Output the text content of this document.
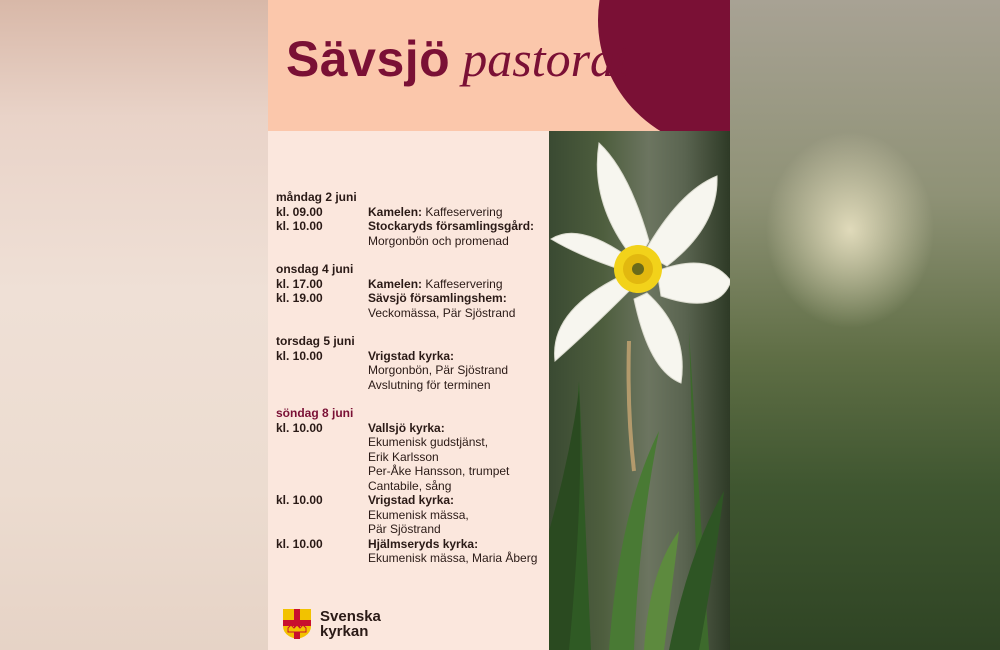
Sävsjö pastorat
måndag 2 juni
kl. 09.00	Kamelen: Kaffeservering
kl. 10.00	Stockaryds församlingsgård:
Morgonbön och promenad
onsdag 4 juni
kl. 17.00	Kamelen: Kaffeservering
kl. 19.00	Sävsjö församlingshem:
Veckomässa, Pär Sjöstrand
torsdag 5 juni
kl. 10.00	Vrigstad kyrka:
Morgonbön, Pär Sjöstrand
Avslutning för terminen
söndag 8 juni
kl. 10.00	Vallsjö kyrka:
Ekumenisk gudstjänst,
Erik Karlsson
Per-Åke Hansson, trumpet
Cantabile, sång
kl. 10.00	Vrigstad kyrka:
Ekumenisk mässa,
Pär Sjöstrand
kl. 10.00	Hjälmseryds kyrka:
Ekumenisk mässa, Maria Åberg
Svenska
kyrkan
